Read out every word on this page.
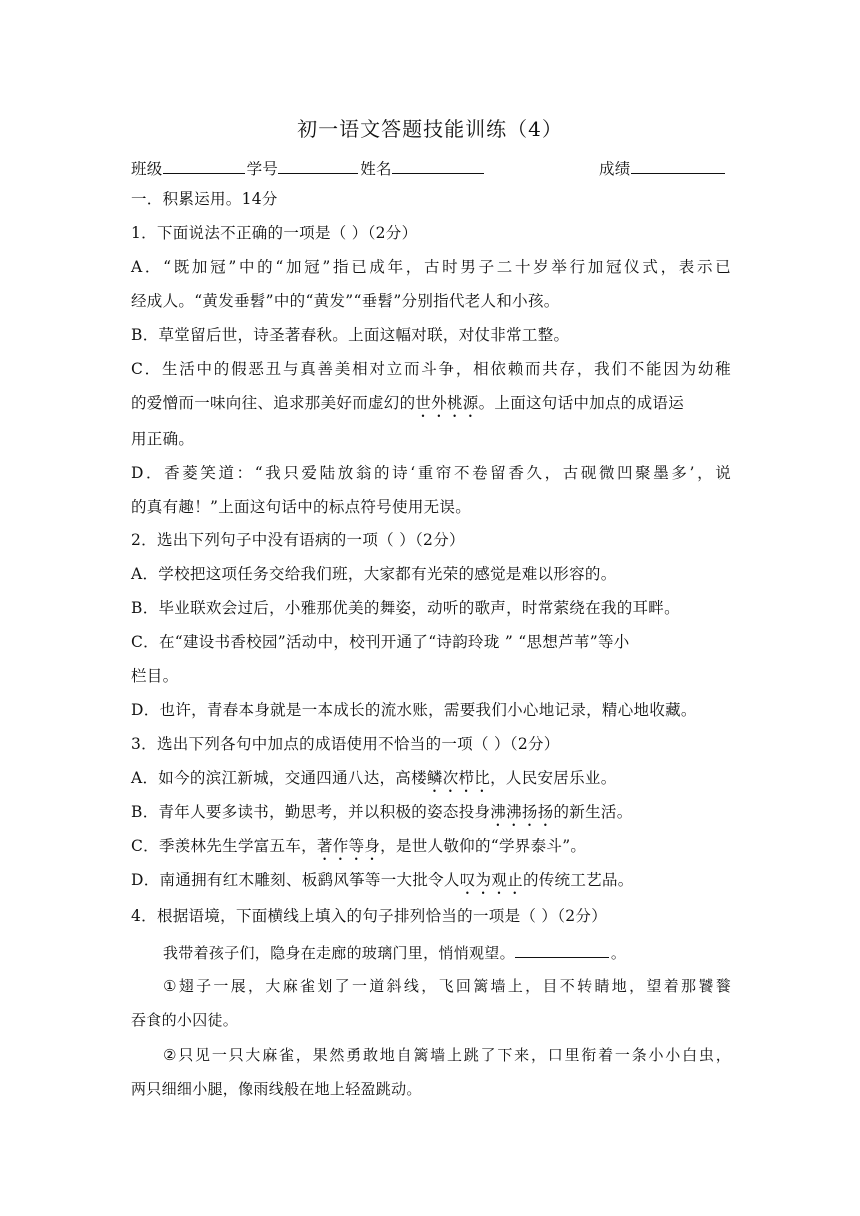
初一语文答题技能训练（4）
班级	学号	姓名	成绩
一．积累运用。14分
1．下面说法不正确的一项是（ ）（2分）
A．“既加冠”中的“加冠”指已成年，古时男子二十岁举行加冠仪式，表示已
经成人。“黄发垂髫”中的“黄发”“垂髫”分别指代老人和小孩。
B．草堂留后世，诗圣著春秋。上面这幅对联，对仗非常工整。
C．生活中的假恶丑与真善美相对立而斗争，相依赖而共存，我们不能因为幼稚
的爱憎而一味向往、追求那美好而虚幻的世外桃源。上面这句话中加点的成语运
用正确。
D．香菱笑道：“我只爱陆放翁的诗‘重帘不卷留香久，古砚微凹聚墨多’，说
的真有趣！”上面这句话中的标点符号使用无误。
2．选出下列句子中没有语病的一项（ ）（2分）
A．学校把这项任务交给我们班，大家都有光荣的感觉是难以形容的。
B．毕业联欢会过后，小雅那优美的舞姿，动听的歌声，时常萦绕在我的耳畔。
C．在“建设书香校园”活动中，校刊开通了“诗韵玲珑 ” “思想芦苇”等小
栏目。
D．也许，青春本身就是一本成长的流水账，需要我们小心地记录，精心地收藏。
3．选出下列各句中加点的成语使用不恰当的一项（ ）（2分）
A．如今的滨江新城，交通四通八达，高楼鳞次栉比，人民安居乐业。
B．青年人要多读书，勤思考，并以积极的姿态投身沸沸扬扬的新生活。
C．季羡林先生学富五车，著作等身，是世人敬仰的“学界泰斗”。
D．南通拥有红木雕刻、板鹞风筝等一大批令人叹为观止的传统工艺品。
4．根据语境，下面横线上填入的句子排列恰当的一项是（ ）（2分）
我带着孩子们，隐身在走廊的玻璃门里，悄悄观望。	。
①翅子一展，大麻雀划了一道斜线，飞回篱墙上，目不转睛地，望着那饕餮
吞食的小囚徒。
②只见一只大麻雀，果然勇敢地自篱墙上跳了下来，口里衔着一条小小白虫，
两只细细小腿，像雨线般在地上轻盈跳动。
